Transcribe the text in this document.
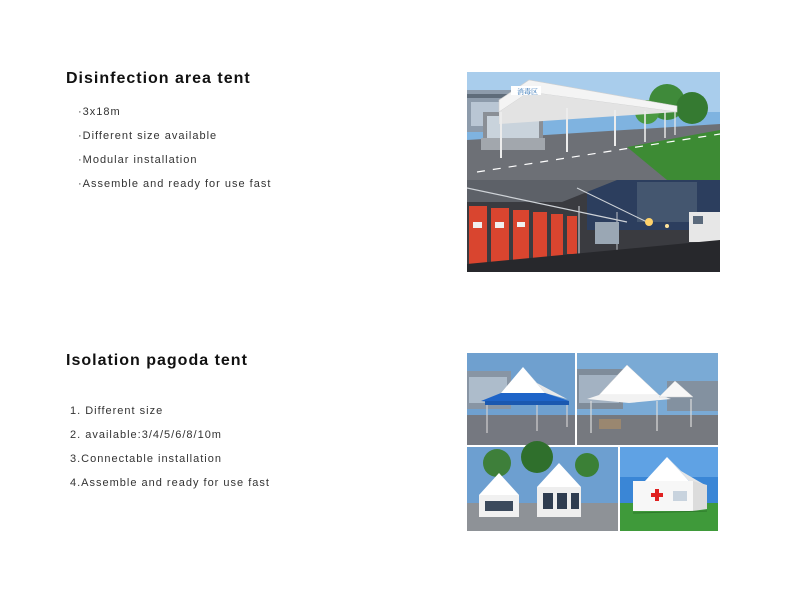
Disinfection area tent
·3x18m
·Different size available
·Modular installation
·Assemble and ready for use fast
消毒区
Isolation pagoda tent
1. Different size
2. available:3/4/5/6/8/10m
3.Connectable installation
4.Assemble and ready for use fast
